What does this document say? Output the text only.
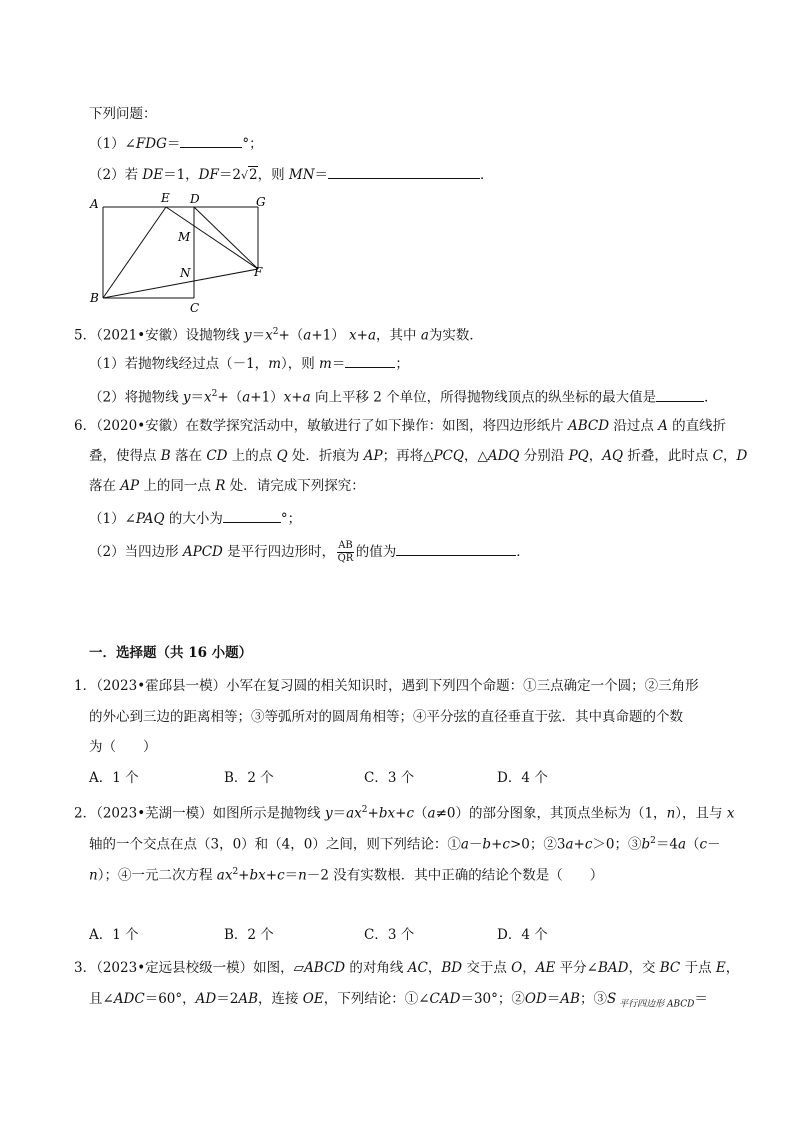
下列问题：
（1）∠FDG＝	°；
（2）若 DE＝1，DF＝2√2，则 MN＝	．
A	E D	G
M
N	F
B
C
5．（2021•安徽）设抛物线 $y=x^2+(a+1)$ x+a，其中 a为实数．
（1）若抛物线经过点（－1，m），则 m＝	；
（2）将抛物线 $y=x^2+(a+1)x+a$ 向上平移 2 个单位，所得抛物线顶点的纵坐标的最大值是	．
6．（2020•安徽）在数学探究活动中，敏敏进行了如下操作：如图，将四边形纸片 ABCD 沿过点 A 的直线折
叠，使得点 B 落在 CD 上的点 Q 处．折痕为 AP；再将△PCQ，△ADQ 分别沿 PQ，AQ 折叠，此时点 C，D
落在 AP 上的同一点 R 处．请完成下列探究：
（1）∠PAQ 的大小为	°；
（2）当四边形 APCD 是平行四边形时， $\frac{AB}{QR}$ 的值为	．
一．选择题（共 16 小题）
1．（2023•霍邱县一模）小军在复习圆的相关知识时，遇到下列四个命题：①三点确定一个圆；②三角形
的外心到三边的距离相等；③等弧所对的圆周角相等；④平分弦的直径垂直于弦．其中真命题的个数
为（　　）
A．1 个	B．2 个	C．3 个	D．4 个
2．（2023•芜湖一模）如图所示是抛物线 $y=ax^2+bx+c(a\ne 0)$的部分图象，其顶点坐标为（1，n），且与 x
轴的一个交点在点（3，0）和（4，0）之间，则下列结论：①a－b+c>0；②3a+c＞0；$③b^2=4a(c-$
n）；④一元二次方程 $ax^2+bx+c=n-2$ 没有实数根．其中正确的结论个数是（　　）
A．1 个	B．2 个	C．3 个	D．4 个
3．（2023•定远县校级一模）如图，▱ABCD 的对角线 AC，BD 交于点 O，AE 平分∠BAD，交 BC 于点 E，
且∠ADC＝60°，AD＝2AB，连接 OE，下列结论：①∠CAD＝30°；②OD＝AB；③S $_{平行四边形 ABCD}$＝
